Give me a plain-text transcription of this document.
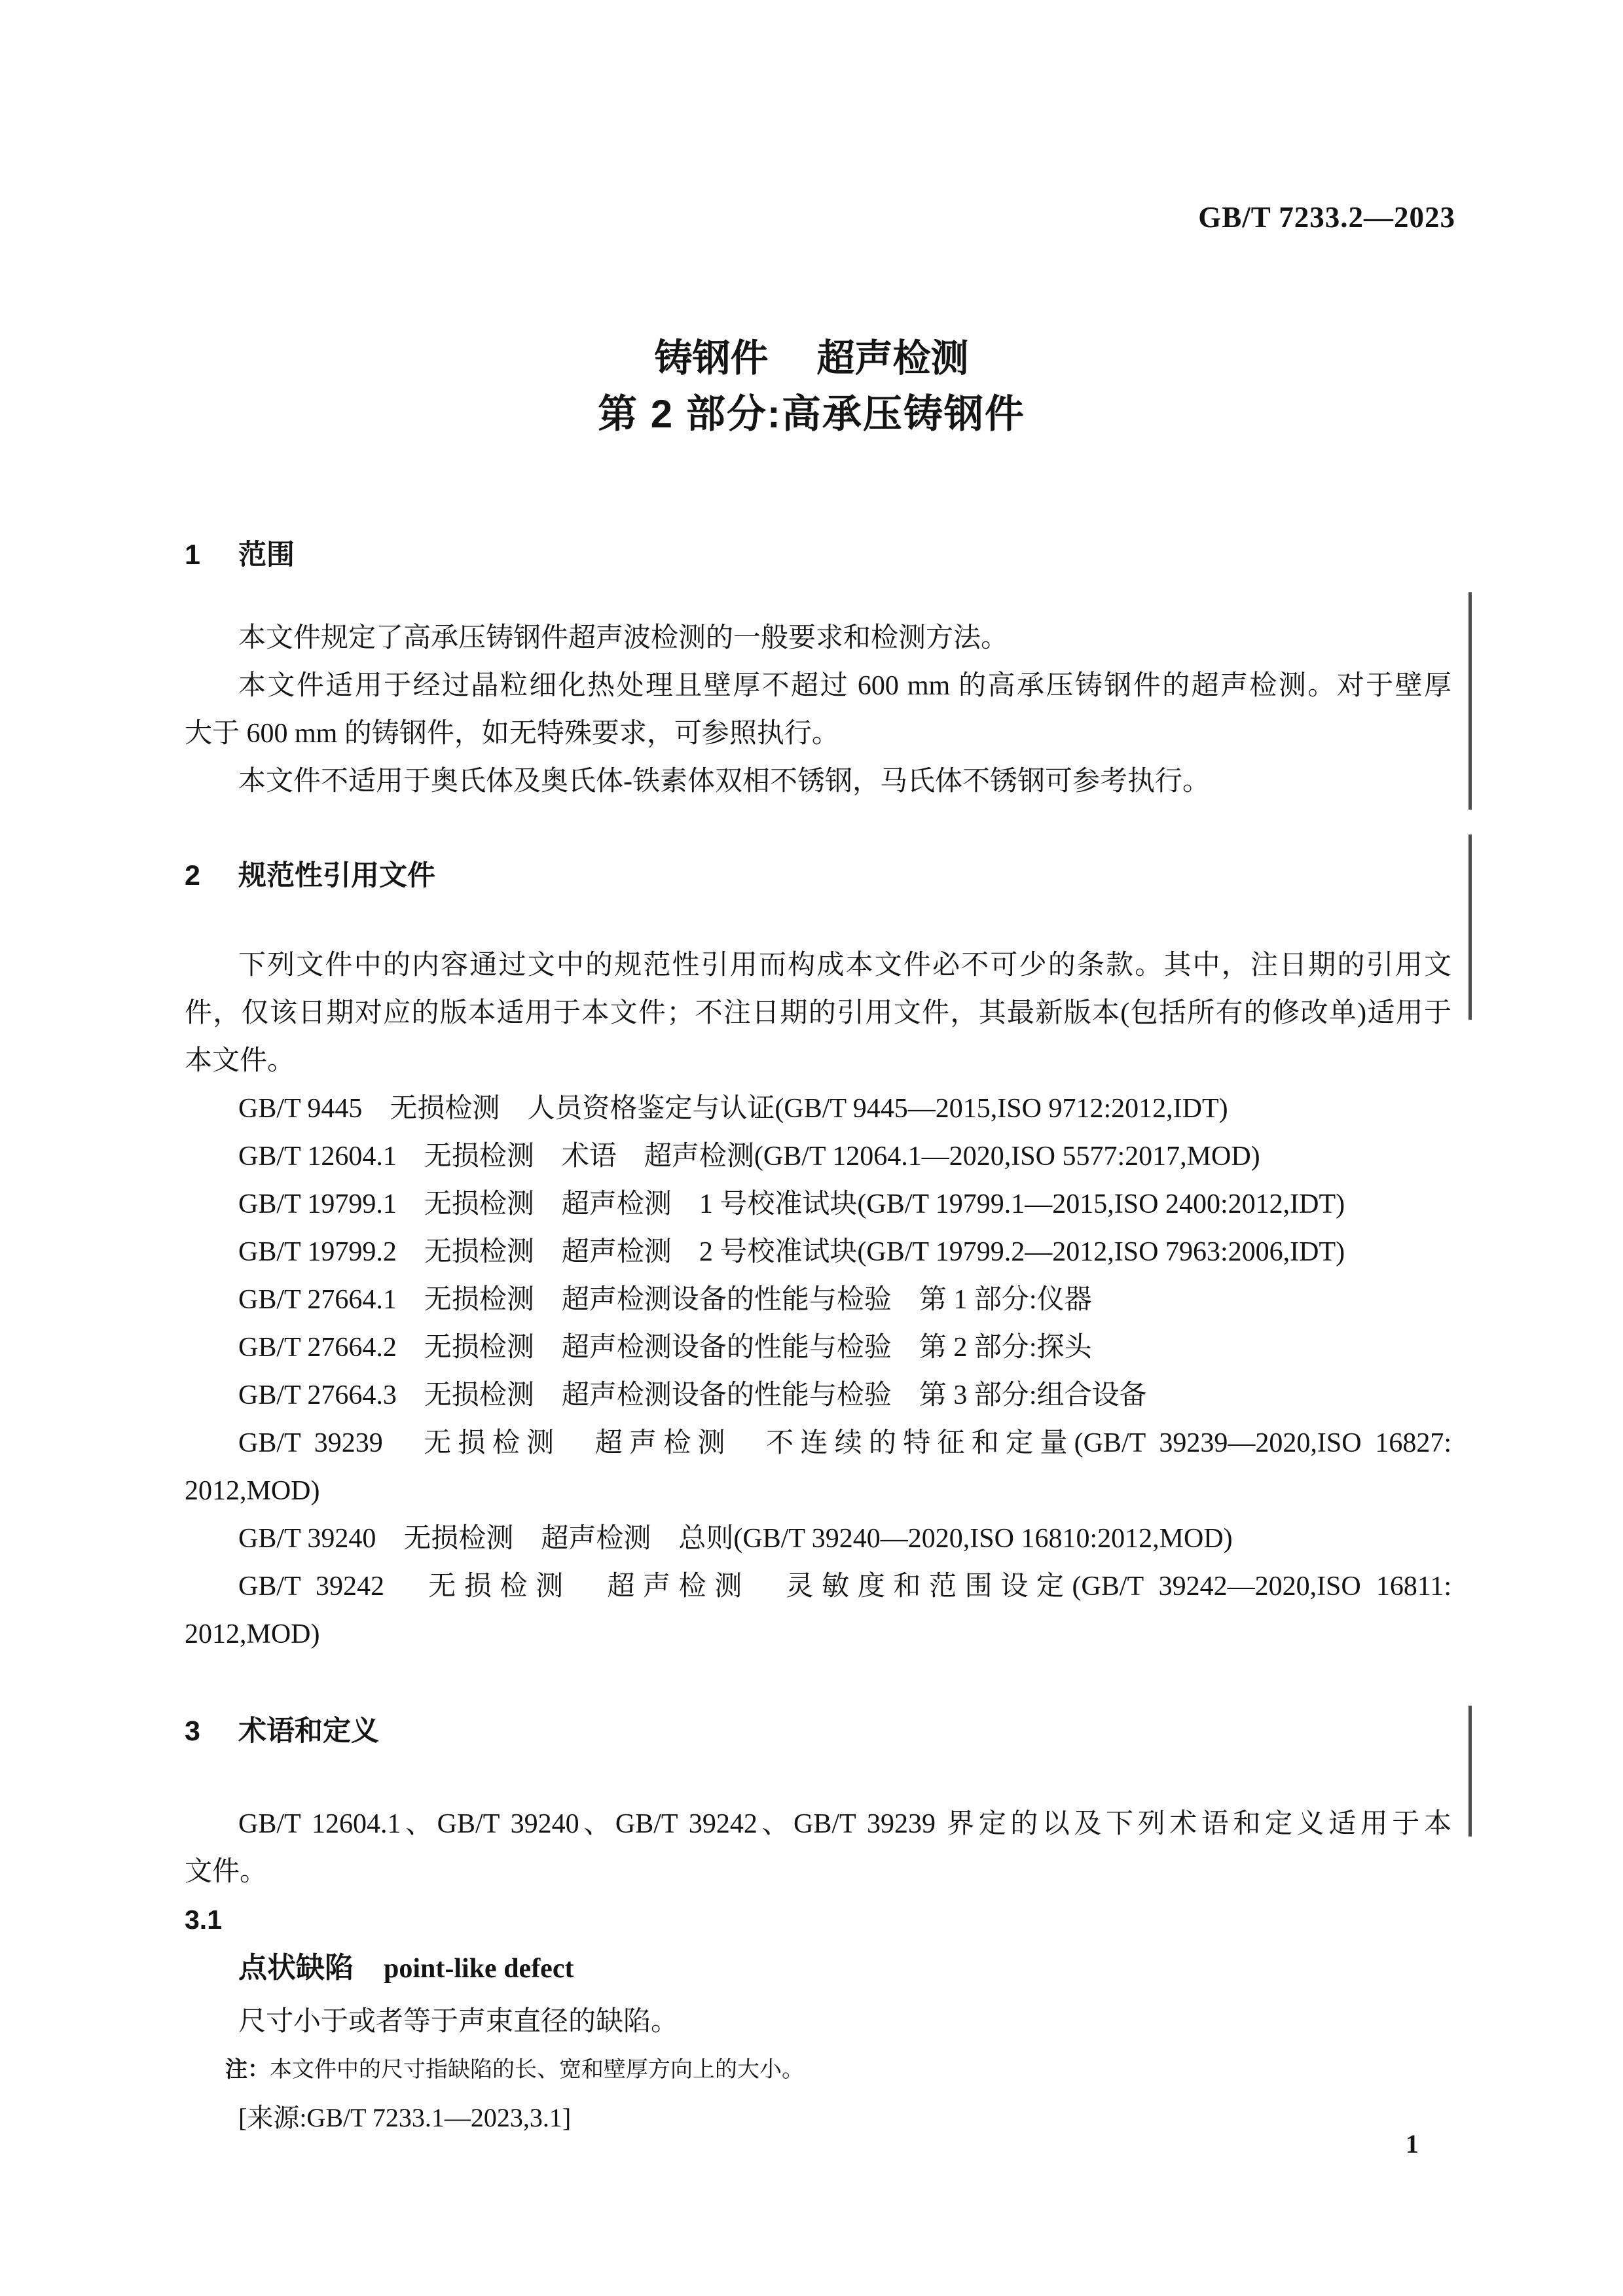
GB/T 7233.2—2023
铸钢件　 超声检测
第 2 部分:高承压铸钢件
1 范围
本文件规定了高承压铸钢件超声波检测的一般要求和检测方法。
本文件适用于经过晶粒细化热处理且壁厚不超过 600 mm 的高承压铸钢件的超声检测。对于壁厚
大于 600 mm 的铸钢件，如无特殊要求，可参照执行。
本文件不适用于奥氏体及奥氏体-铁素体双相不锈钢，马氏体不锈钢可参考执行。
2 规范性引用文件
下列文件中的内容通过文中的规范性引用而构成本文件必不可少的条款。其中，注日期的引用文
件，仅该日期对应的版本适用于本文件；不注日期的引用文件，其最新版本(包括所有的修改单)适用于
本文件。
GB/T 9445　无损检测　人员资格鉴定与认证(GB/T 9445—2015,ISO 9712:2012,IDT)
GB/T 12604.1　无损检测　术语　超声检测(GB/T 12064.1—2020,ISO 5577:2017,MOD)
GB/T 19799.1　无损检测　超声检测　1 号校准试块(GB/T 19799.1—2015,ISO 2400:2012,IDT)
GB/T 19799.2　无损检测　超声检测　2 号校准试块(GB/T 19799.2—2012,ISO 7963:2006,IDT)
GB/T 27664.1　无损检测　超声检测设备的性能与检验　第 1 部分:仪器
GB/T 27664.2　无损检测　超声检测设备的性能与检验　第 2 部分:探头
GB/T 27664.3　无损检测　超声检测设备的性能与检验　第 3 部分:组合设备
GB/T 39239　无损检测　超声检测　不连续的特征和定量(GB/T 39239—2020,ISO 16827:
2012,MOD)
GB/T 39240　无损检测　超声检测　总则(GB/T 39240—2020,ISO 16810:2012,MOD)
GB/T 39242　无损检测　超声检测　灵敏度和范围设定(GB/T 39242—2020,ISO 16811:
2012,MOD)
3 术语和定义
GB/T 12604.1、GB/T 39240、GB/T 39242、GB/T 39239 界定的以及下列术语和定义适用于本
文件。
3.1
点状缺陷 point-like defect
尺寸小于或者等于声束直径的缺陷。
注：本文件中的尺寸指缺陷的长、宽和壁厚方向上的大小。
[来源:GB/T 7233.1—2023,3.1]
1
